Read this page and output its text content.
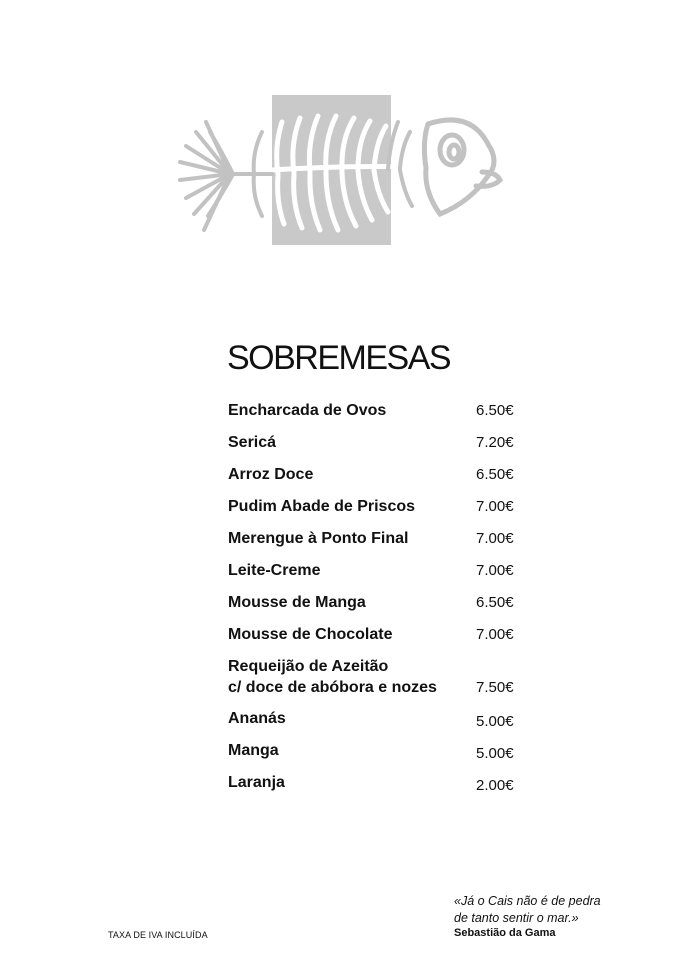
SOBREMESAS
Encharcada de Ovos	6.50€
Sericá	7.20€
Arroz Doce	6.50€
Pudim Abade de Priscos	7.00€
Merengue à Ponto Final	7.00€
Leite-Creme	7.00€
Mousse de Manga	6.50€
Mousse de Chocolate	7.00€
Requeijão de Azeitão
c/ doce de abóbora e nozes	7.50€
Ananás	5.00€
Manga	5.00€
Laranja	2.00€
«Já o Cais não é de pedra
de tanto sentir o mar.»
Sebastião da Gama
TAXA DE IVA INCLUÍDA
